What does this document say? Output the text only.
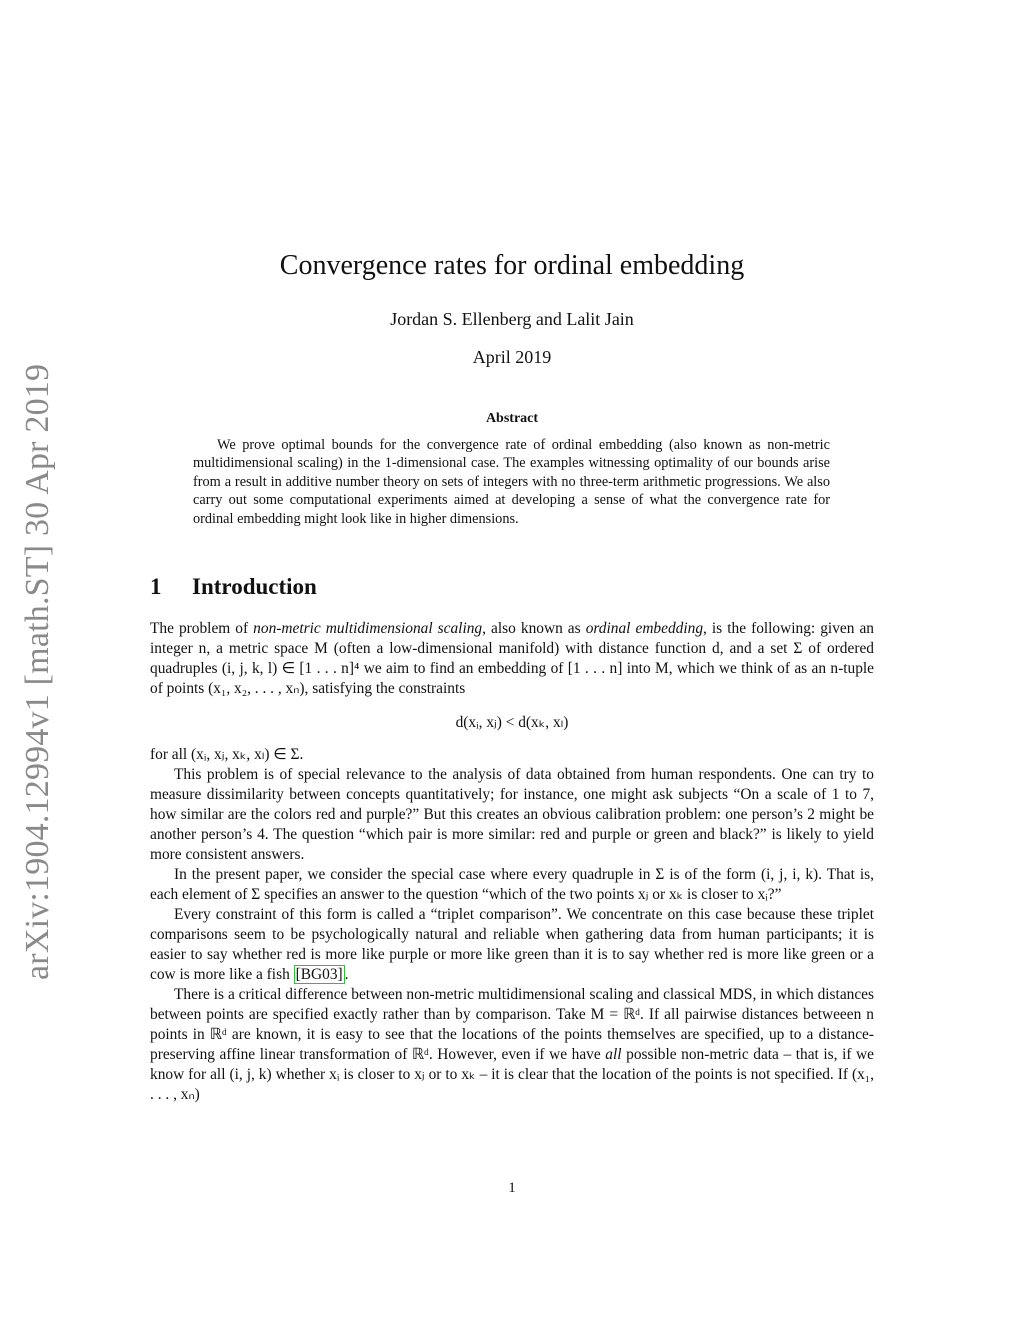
arXiv:1904.12994v1 [math.ST] 30 Apr 2019
Convergence rates for ordinal embedding
Jordan S. Ellenberg and Lalit Jain
April 2019
Abstract

We prove optimal bounds for the convergence rate of ordinal embedding (also known as non-metric multidimensional scaling) in the 1-dimensional case. The examples witnessing optimality of our bounds arise from a result in additive number theory on sets of integers with no three-term arithmetic progressions. We also carry out some computational experiments aimed at developing a sense of what the convergence rate for ordinal embedding might look like in higher dimensions.

1 Introduction

The problem of non-metric multidimensional scaling, also known as ordinal embedding, is the following: given an integer n, a metric space M (often a low-dimensional manifold) with distance function d, and a set Σ of ordered quadruples (i, j, k, l) ∈ [1 . . . n]⁴ we aim to find an embedding of [1 . . . n] into M, which we think of as an n-tuple of points (x₁, x₂, . . . , xₙ), satisfying the constraints

d(xᵢ, xⱼ) < d(xₖ, xₗ)

for all (xᵢ, xⱼ, xₖ, xₗ) ∈ Σ.

This problem is of special relevance to the analysis of data obtained from human respondents. One can try to measure dissimilarity between concepts quantitatively; for instance, one might ask subjects “On a scale of 1 to 7, how similar are the colors red and purple?” But this creates an obvious calibration problem: one person’s 2 might be another person’s 4. The question “which pair is more similar: red and purple or green and black?” is likely to yield more consistent answers.

In the present paper, we consider the special case where every quadruple in Σ is of the form (i, j, i, k). That is, each element of Σ specifies an answer to the question “which of the two points xⱼ or xₖ is closer to xᵢ?”

Every constraint of this form is called a “triplet comparison”. We concentrate on this case because these triplet comparisons seem to be psychologically natural and reliable when gathering data from human participants; it is easier to say whether red is more like purple or more like green than it is to say whether red is more like green or a cow is more like a fish [BG03] .

There is a critical difference between non-metric multidimensional scaling and classical MDS, in which distances between points are specified exactly rather than by comparison. Take M = ℝᵈ. If all pairwise distances betweeen n points in ℝᵈ are known, it is easy to see that the locations of the points themselves are specified, up to a distance-preserving affine linear transformation of ℝᵈ. However, even if we have all possible non-metric data – that is, if we know for all (i, j, k) whether xᵢ is closer to xⱼ or to xₖ – it is clear that the location of the points is not specified. If (x₁, . . . , xₙ)

1
